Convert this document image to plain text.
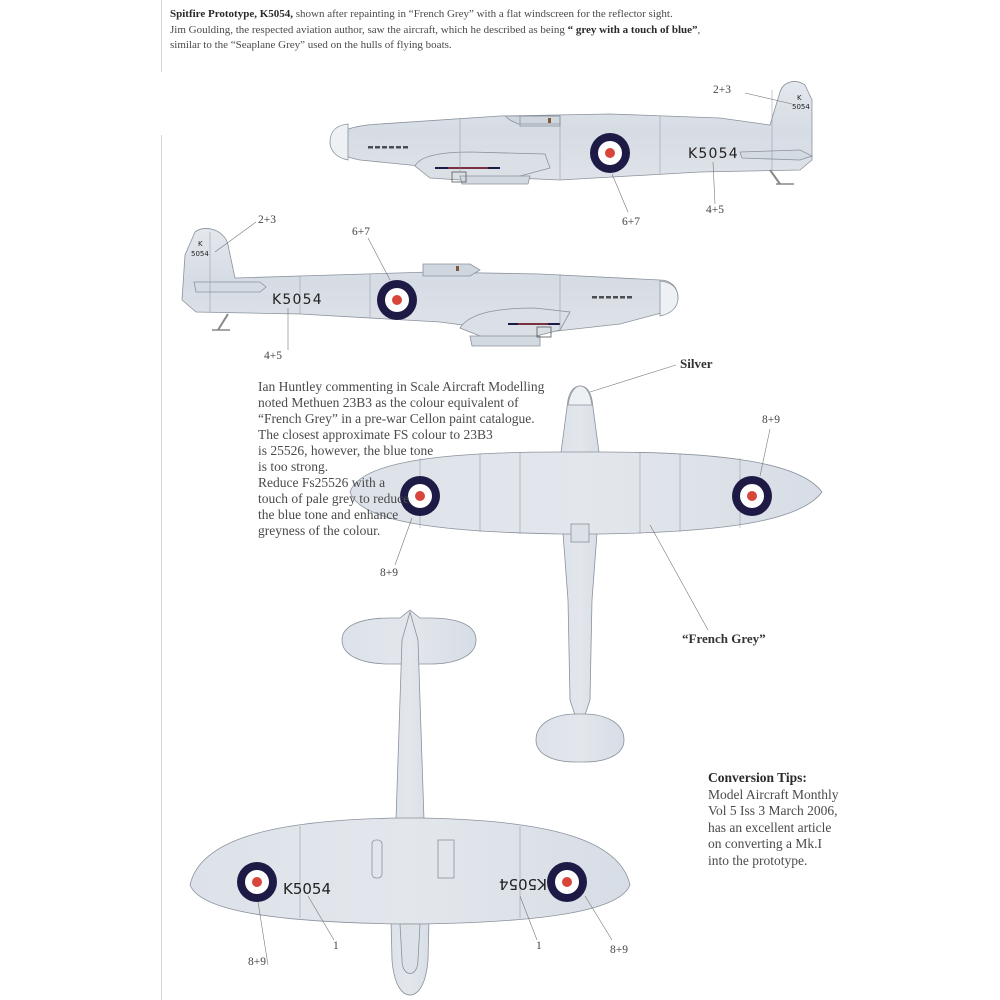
Spitfire Prototype, K5054, shown after repainting in “French Grey” with a flat windscreen for the reflector sight.
Jim Goulding, the respected aviation author, saw the aircraft, which he described as being “ grey with a touch of blue”,
similar to the “Seaplane Grey” used on the hulls of flying boats.
K5054
K5054
K5054	K5054
K
5054
K
5054
2+3
4+5
6+7
2+3
6+7
4+5	Silver
8+9
8+9
“French Grey”
8+9
1	1	8+9
Ian Huntley commenting in Scale Aircraft Modelling
noted Methuen 23B3 as the colour equivalent of
“French Grey” in a pre-war Cellon paint catalogue.
The closest approximate FS colour to 23B3
is 25526, however, the blue tone
is too strong.
Reduce Fs25526 with a
touch of pale grey to reduce
the blue tone and enhance
greyness of the colour.
Conversion Tips:
Model Aircraft Monthly
Vol 5 Iss 3 March 2006,
has an excellent article
on converting a Mk.I
into the prototype.
